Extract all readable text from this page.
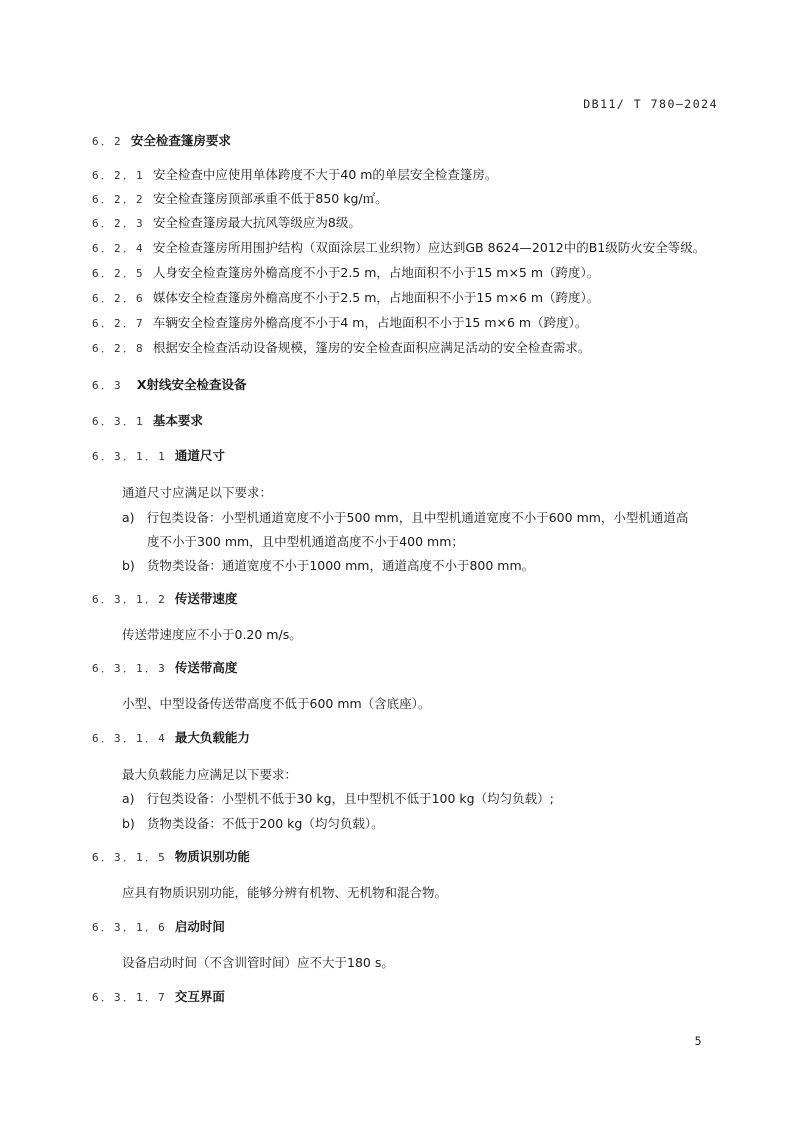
DB11/ T 780—2024
6．2 安全检查篷房要求
6．2．1 安全检查中应使用单体跨度不大于40 m的单层安全检查篷房。
6．2．2 安全检查篷房顶部承重不低于850 kg/㎡。
6．2．3 安全检查篷房最大抗风等级应为8级。
6．2．4 安全检查篷房所用围护结构（双面涂层工业织物）应达到GB 8624—2012中的B1级防火安全等级。
6．2．5 人身安全检查篷房外檐高度不小于2.5 m，占地面积不小于15 m×5 m（跨度）。
6．2．6 媒体安全检查篷房外檐高度不小于2.5 m，占地面积不小于15 m×6 m（跨度）。
6．2．7 车辆安全检查篷房外檐高度不小于4 m，占地面积不小于15 m×6 m（跨度）。
6．2．8 根据安全检查活动设备规模，篷房的安全检查面积应满足活动的安全检查需求。
6．3 X射线安全检查设备
6．3．1 基本要求
6．3．1．1 通道尺寸
通道尺寸应满足以下要求：
a) 行包类设备：小型机通道宽度不小于500 mm，且中型机通道宽度不小于600 mm，小型机通道高
度不小于300 mm，且中型机通道高度不小于400 mm；
b) 货物类设备：通道宽度不小于1000 mm，通道高度不小于800 mm。
6．3．1．2 传送带速度
传送带速度应不小于0.20 m/s。
6．3．1．3 传送带高度
小型、中型设备传送带高度不低于600 mm（含底座）。
6．3．1．4 最大负载能力
最大负载能力应满足以下要求：
a) 行包类设备：小型机不低于30 kg，且中型机不低于100 kg（均匀负载）;
b) 货物类设备：不低于200 kg（均匀负载）。
6．3．1．5 物质识别功能
应具有物质识别功能，能够分辨有机物、无机物和混合物。
6．3．1．6 启动时间
设备启动时间（不含训管时间）应不大于180 s。
6．3．1．7 交互界面
5
